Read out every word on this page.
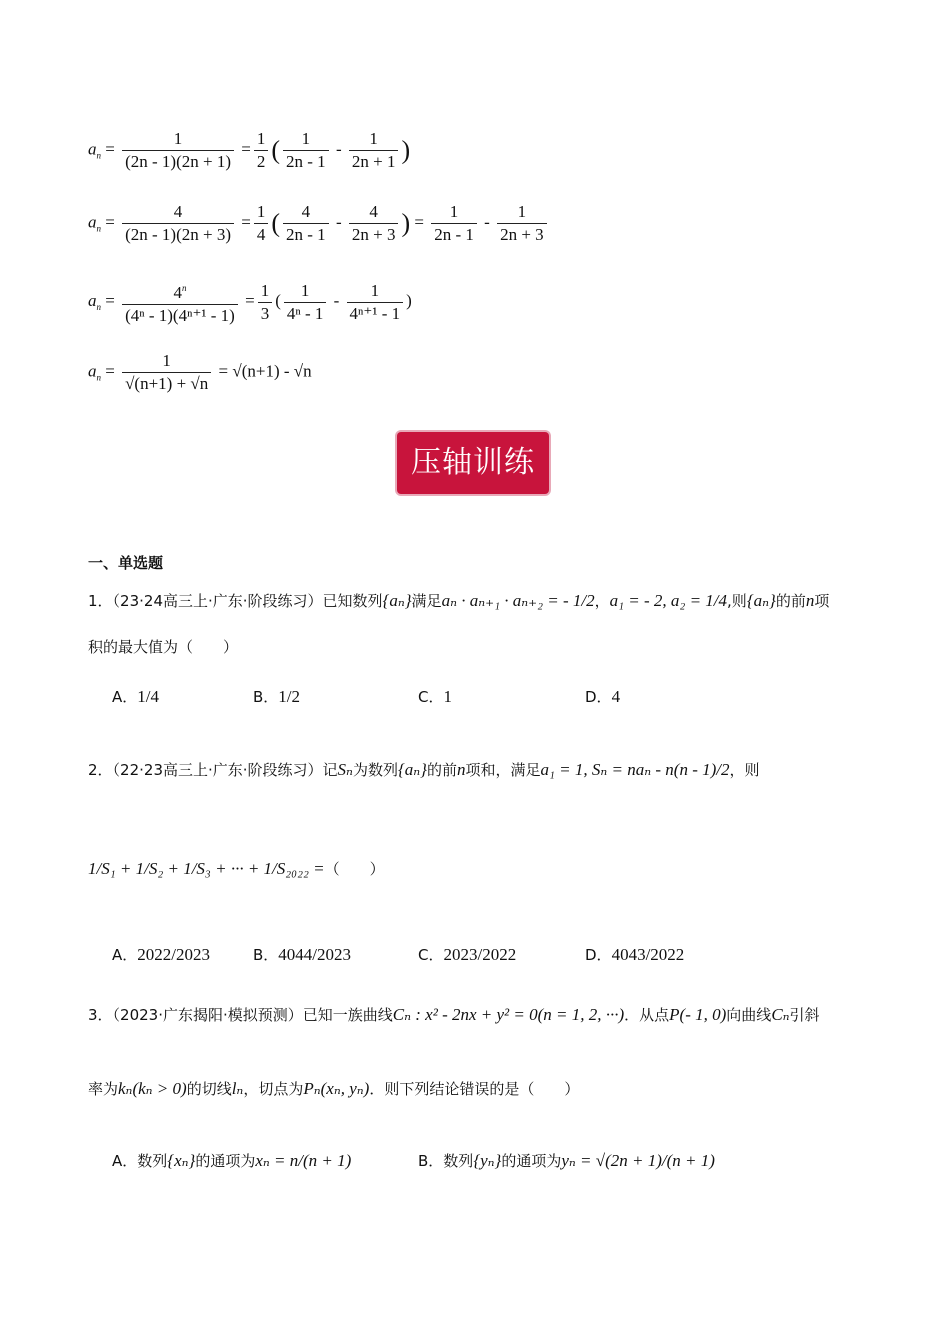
$a_n = \frac{1}{(2n - 1)(2n + 1)} = \frac{1}{2}$ ( $\frac{1}{2n - 1} - \frac{1}{2n + 1}$ )
$a_n = \frac{4}{(2n - 1)(2n + 3)} = \frac{1}{4}$ ( $\frac{4}{2n - 1} - \frac{4}{2n + 3}$ ) = $\frac{1}{2n - 1} - \frac{1}{2n + 3}$
$a_n = \frac{4^n}{\text{(4ⁿ - 1)(4ⁿ⁺¹ - 1)}} = \frac{1}{3}$ ( $\frac{1}{\text{4ⁿ - 1}} - \frac{1}{\text{4ⁿ⁺¹ - 1}}$ )
$a_n = \frac{1}{√(n+1) + √n} = √(n+1) - √n$
压轴训练
一、单选题
1．（23·24高三上·广东·阶段练习）已知数列{aₙ}满足aₙ · aₙ₊₁ · aₙ₊₂ = - 1/2，a₁ = - 2, a₂ = 1/4,则{aₙ}的前n项
积的最大值为（　　）
A．1/4	B．1/2	C．1	D．4
2．（22·23高三上·广东·阶段练习）记Sₙ为数列{aₙ}的前n项和，满足a₁ = 1, Sₙ = naₙ - n(n - 1)/2，则
1/S₁ + 1/S₂ + 1/S₃ + ··· + 1/S₂₀₂₂ =（　　）
A．2022/2023	B．4044/2023	C．2023/2022	D．4043/2022
3．（2023·广东揭阳·模拟预测）已知一族曲线Cₙ : x² - 2nx + y² = 0(n = 1, 2, ···)．从点P(- 1, 0)向曲线Cₙ引斜
率为kₙ(kₙ > 0)的切线lₙ，切点为Pₙ(xₙ, yₙ)．则下列结论错误的是（　　）
A．数列{xₙ}的通项为xₙ = n/(n + 1)	B．数列{yₙ}的通项为yₙ = √(2n + 1)/(n + 1)
